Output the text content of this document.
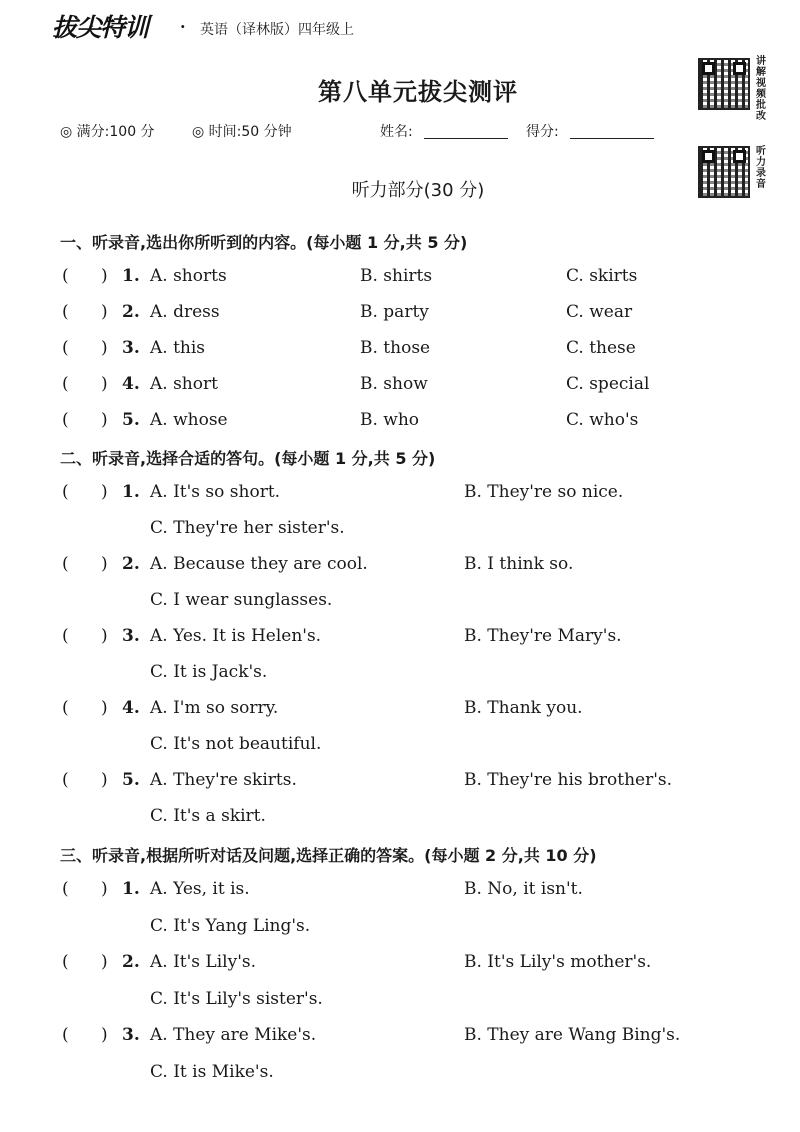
拔尖特训 · 英语（译林版）四年级上
讲解视频 批改
听力录音
第八单元拔尖测评
◎ 满分:100 分	◎ 时间:50 分钟	姓名:	得分:
听力部分(30 分)
一、听录音,选出你所听到的内容。(每小题 1 分,共 5 分)
(      ) 1. A. shorts	B. shirts	C. skirts
(      ) 2. A. dress	B. party	C. wear
(      ) 3. A. this	B. those	C. these
(      ) 4. A. short	B. show	C. special
(      ) 5. A. whose	B. who	C. who's
二、听录音,选择合适的答句。(每小题 1 分,共 5 分)
(      ) 1. A. It's so short.	B. They're so nice.
C. They're her sister's.
(      ) 2. A. Because they are cool.	B. I think so.
C. I wear sunglasses.
(      ) 3. A. Yes. It is Helen's.	B. They're Mary's.
C. It is Jack's.
(      ) 4. A. I'm so sorry.	B. Thank you.
C. It's not beautiful.
(      ) 5. A. They're skirts.	B. They're his brother's.
C. It's a skirt.
三、听录音,根据所听对话及问题,选择正确的答案。(每小题 2 分,共 10 分)
(      ) 1. A. Yes, it is.	B. No, it isn't.
C. It's Yang Ling's.
(      ) 2. A. It's Lily's.	B. It's Lily's mother's.
C. It's Lily's sister's.
(      ) 3. A. They are Mike's.	B. They are Wang Bing's.
C. It is Mike's.
